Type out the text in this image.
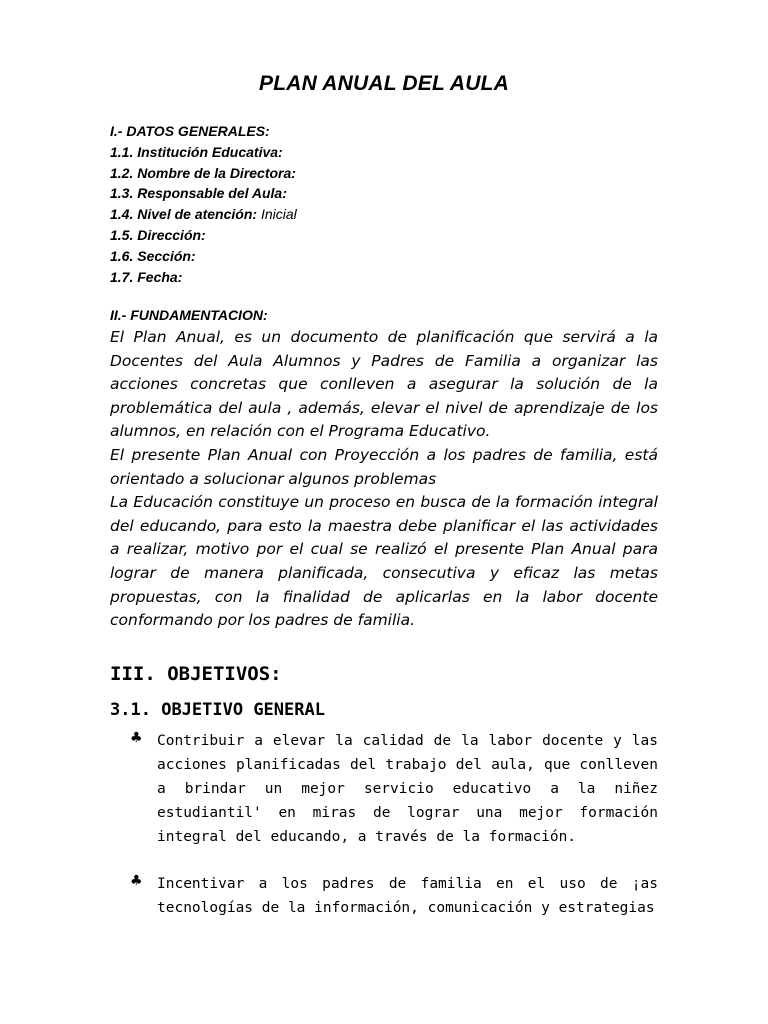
PLAN ANUAL DEL AULA
I.- DATOS GENERALES:
1.1. Institución Educativa:
1.2. Nombre de la Directora:
1.3. Responsable del Aula:
1.4. Nivel de atención: Inicial
1.5. Dirección:
1.6. Sección:
1.7. Fecha:
II.- FUNDAMENTACION:

El Plan Anual, es un documento de planificación que servirá a la Docentes del Aula Alumnos y Padres de Familia a organizar las acciones concretas que conlleven a asegurar la solución de la problemática del aula , además, elevar el nivel de aprendizaje de los alumnos, en relación con el Programa Educativo.

El presente Plan Anual con Proyección a los padres de familia, está orientado a solucionar algunos problemas

La Educación constituye un proceso en busca de la formación integral del educando, para esto la maestra debe planificar el las actividades a realizar, motivo por el cual se realizó el presente Plan Anual para lograr de manera planificada, consecutiva y eficaz las metas propuestas, con la finalidad de aplicarlas en la labor docente conformando por los padres de familia.

III. OBJETIVOS:
3.1. OBJETIVO GENERAL
♣ Contribuir a elevar la calidad de la labor docente y las acciones planificadas del trabajo del aula, que conlleven a brindar un mejor servicio educativo a la niñez estudiantil' en miras de lograr una mejor formación integral del educando, a través de la formación.

♣ Incentivar a los padres de familia en el uso de ¡as tecnologías de la información, comunicación y estrategias
